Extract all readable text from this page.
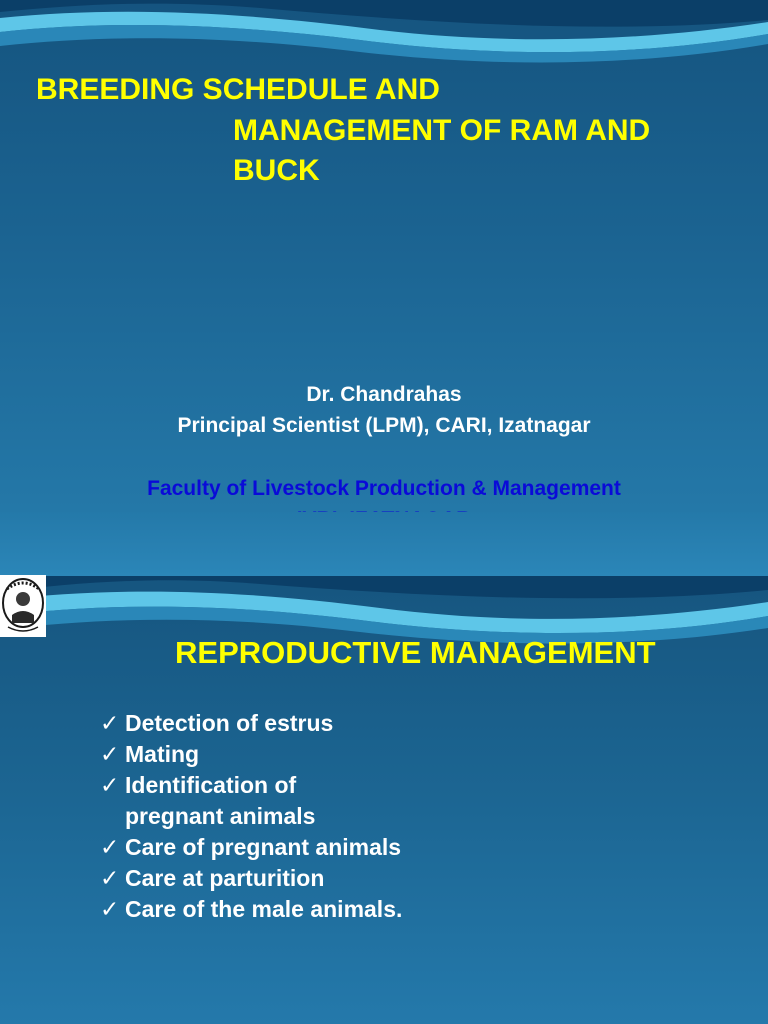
BREEDING SCHEDULE AND

MANAGEMENT OF RAM AND

BUCK

Dr. Chandrahas
Principal Scientist (LPM), CARI, Izatnagar
Faculty of Livestock Production & Management

REPRODUCTIVE MANAGEMENT

✓ Detection of estrus
✓ Mating
✓ Identification of      pregnant animals
✓ Care of pregnant animals
✓ Care at parturition
✓ Care of the male animals.
